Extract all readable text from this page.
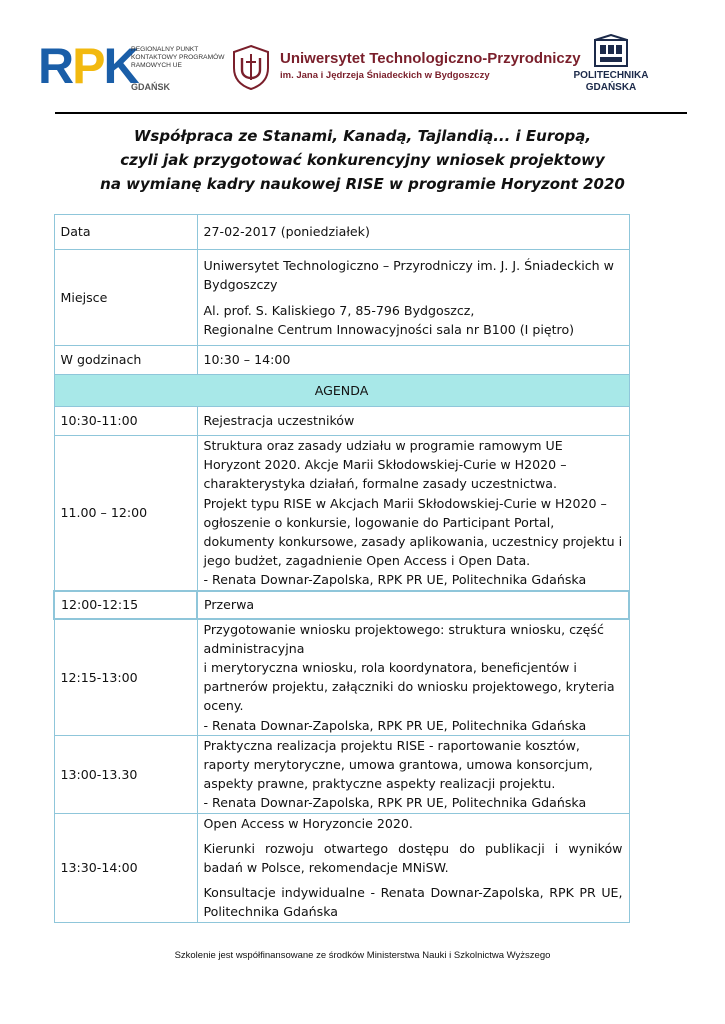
RPK
REGIONALNY PUNKT
KONTAKTOWY PROGRAMÓW
RAMOWYCH UE
GDAŃSK
Uniwersytet Technologiczno-Przyrodniczy
im. Jana i Jędrzeja Śniadeckich w Bydgoszczy	POLITECHNIKA
GDAŃSKA
Współpraca ze Stanami, Kanadą, Tajlandią... i Europą,
czyli jak przygotować konkurencyjny wniosek projektowy
na wymianę kadry naukowej RISE w programie Horyzont 2020
Data	27-02-2017 (poniedziałek)
Miejsce	Uniwersytet Technologiczno – Przyrodniczy im. J. J. Śniadeckich w Bydgoszczy

Al. prof. S. Kaliskiego 7, 85-796 Bydgoszcz,

Regionalne Centrum Innowacyjności sala nr B100 (I piętro)

W godzinach	10:30 – 14:00
AGENDA	
10:30-11:00	Rejestracja uczestników

11.00 – 12:00	Struktura oraz zasady udziału w programie ramowym UE Horyzont 2020. Akcje Marii Skłodowskiej-Curie w H2020 – charakterystyka działań, formalne zasady uczestnictwa.
Projekt typu RISE w Akcjach Marii Skłodowskiej-Curie w H2020 – ogłoszenie o konkursie, logowanie do Participant Portal, dokumenty konkursowe, zasady aplikowania, uczestnicy projektu i jego budżet, zagadnienie Open Access i Open Data.
- Renata Downar-Zapolska, RPK PR UE, Politechnika Gdańska

12:00-12:15	Przerwa

12:15-13:00	Przygotowanie wniosku projektowego: struktura wniosku, część administracyjna
i merytoryczna wniosku, rola koordynatora, beneficjentów i partnerów projektu, załączniki do wniosku projektowego, kryteria oceny.
- Renata Downar-Zapolska, RPK PR UE, Politechnika Gdańska

13:00-13.30	Praktyczna realizacja projektu RISE - raportowanie kosztów, raporty merytoryczne, umowa grantowa, umowa konsorcjum, aspekty prawne, praktyczne aspekty realizacji projektu.
- Renata Downar-Zapolska, RPK PR UE, Politechnika Gdańska

13:30-14:00	Open Access w Horyzoncie 2020.

Kierunki rozwoju otwartego dostępu do publikacji i wyników badań w Polsce, rekomendacje MNiSW.

Konsultacje indywidualne - Renata Downar-Zapolska, RPK PR UE, Politechnika Gdańska

Szkolenie jest współfinansowane ze środków Ministerstwa Nauki i Szkolnictwa Wyższego
